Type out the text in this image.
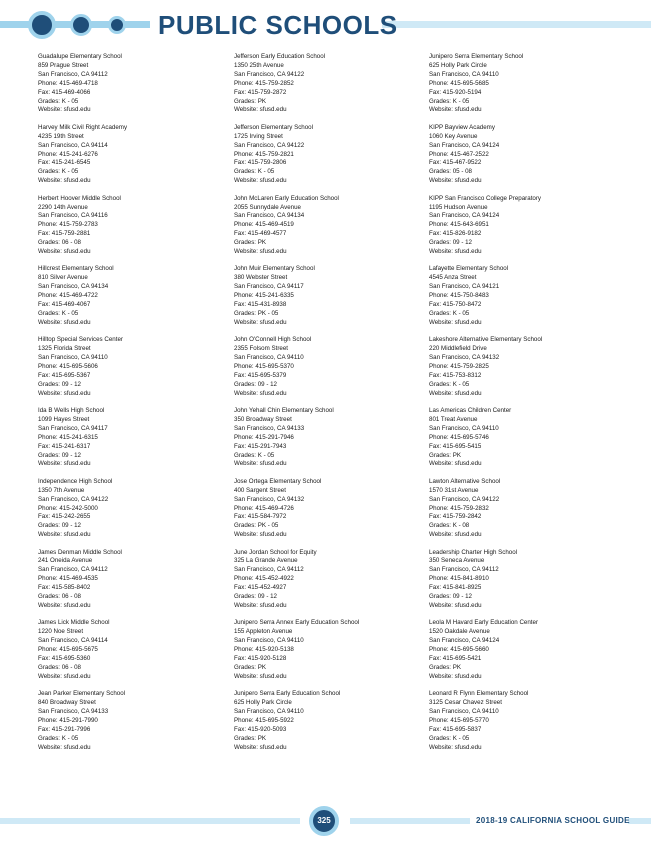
PUBLIC SCHOOLS
Guadalupe Elementary School
859 Prague Street
San Francisco, CA 94112
Phone: 415-469-4718
Fax: 415-469-4066
Grades: K - 05
Website: sfusd.edu
Harvey Milk Civil Right Academy
4235 19th Street
San Francisco, CA 94114
Phone: 415-241-6276
Fax: 415-241-6545
Grades: K - 05
Website: sfusd.edu
Herbert Hoover Middle School
2290 14th Avenue
San Francisco, CA 94116
Phone: 415-759-2783
Fax: 415-759-2881
Grades: 06 - 08
Website: sfusd.edu
Hillcrest Elementary School
810 Silver Avenue
San Francisco, CA 94134
Phone: 415-469-4722
Fax: 415-469-4067
Grades: K - 05
Website: sfusd.edu
Hilltop Special Services Center
1325 Florida Street
San Francisco, CA 94110
Phone: 415-695-5606
Fax: 415-695-5367
Grades: 09 - 12
Website: sfusd.edu
Ida B Wells High School
1099 Hayes Street
San Francisco, CA 94117
Phone: 415-241-6315
Fax: 415-241-6317
Grades: 09 - 12
Website: sfusd.edu
Independence High School
1350 7th Avenue
San Francisco, CA 94122
Phone: 415-242-5000
Fax: 415-242-2655
Grades: 09 - 12
Website: sfusd.edu
James Denman Middle School
241 Oneida Avenue
San Francisco, CA 94112
Phone: 415-469-4535
Fax: 415-585-8402
Grades: 06 - 08
Website: sfusd.edu
James Lick Middle School
1220 Noe Street
San Francisco, CA 94114
Phone: 415-695-5675
Fax: 415-695-5360
Grades: 06 - 08
Website: sfusd.edu
Jean Parker Elementary School
840 Broadway Street
San Francisco, CA 94133
Phone: 415-291-7990
Fax: 415-291-7996
Grades: K - 05
Website: sfusd.edu
Jefferson Early Education School
1350 25th Avenue
San Francisco, CA 94122
Phone: 415-759-2852
Fax: 415-759-2872
Grades: PK
Website: sfusd.edu
Jefferson Elementary School
1725 Irving Street
San Francisco, CA 94122
Phone: 415-759-2821
Fax: 415-759-2806
Grades: K - 05
Website: sfusd.edu
John McLaren Early Education School
2055 Sunnydale Avenue
San Francisco, CA 94134
Phone: 415-469-4519
Fax: 415-469-4577
Grades: PK
Website: sfusd.edu
John Muir Elementary School
380 Webster Street
San Francisco, CA 94117
Phone: 415-241-6335
Fax: 415-431-8938
Grades: PK - 05
Website: sfusd.edu
John O'Connell High School
2355 Folsom Street
San Francisco, CA 94110
Phone: 415-695-5370
Fax: 415-695-5379
Grades: 09 - 12
Website: sfusd.edu
John Yehall Chin Elementary School
350 Broadway Street
San Francisco, CA 94133
Phone: 415-291-7946
Fax: 415-291-7943
Grades: K - 05
Website: sfusd.edu
Jose Ortega Elementary School
400 Sargent Street
San Francisco, CA 94132
Phone: 415-469-4726
Fax: 415-584-7972
Grades: PK - 05
Website: sfusd.edu
June Jordan School for Equity
325 La Grande Avenue
San Francisco, CA 94112
Phone: 415-452-4922
Fax: 415-452-4927
Grades: 09 - 12
Website: sfusd.edu
Junipero Serra Annex Early Education School
155 Appleton Avenue
San Francisco, CA 94110
Phone: 415-920-5138
Fax: 415-920-5128
Grades: PK
Website: sfusd.edu
Junipero Serra Early Education School
625 Holly Park Circle
San Francisco, CA 94110
Phone: 415-695-5922
Fax: 415-920-5093
Grades: PK
Website: sfusd.edu
Junipero Serra Elementary School
625 Holly Park Circle
San Francisco, CA 94110
Phone: 415-695-5685
Fax: 415-920-5194
Grades: K - 05
Website: sfusd.edu
KIPP Bayview Academy
1060 Key Avenue
San Francisco, CA 94124
Phone: 415-467-2522
Fax: 415-467-9522
Grades: 05 - 08
Website: sfusd.edu
KIPP San Francisco College Preparatory
1195 Hudson Avenue
San Francisco, CA 94124
Phone: 415-643-6951
Fax: 415-826-9182
Grades: 09 - 12
Website: sfusd.edu
Lafayette Elementary School
4545 Anza Street
San Francisco, CA 94121
Phone: 415-750-8483
Fax: 415-750-8472
Grades: K - 05
Website: sfusd.edu
Lakeshore Alternative Elementary School
220 Middlefield Drive
San Francisco, CA 94132
Phone: 415-759-2825
Fax: 415-753-8312
Grades: K - 05
Website: sfusd.edu
Las Americas Children Center
801 Treat Avenue
San Francisco, CA 94110
Phone: 415-695-5746
Fax: 415-695-5415
Grades: PK
Website: sfusd.edu
Lawton Alternative School
1570 31st Avenue
San Francisco, CA 94122
Phone: 415-759-2832
Fax: 415-759-2842
Grades: K - 08
Website: sfusd.edu
Leadership Charter High School
350 Seneca Avenue
San Francisco, CA 94112
Phone: 415-841-8910
Fax: 415-841-8925
Grades: 09 - 12
Website: sfusd.edu
Leola M Havard Early Education Center
1520 Oakdale Avenue
San Francisco, CA 94124
Phone: 415-695-5660
Fax: 415-695-5421
Grades: PK
Website: sfusd.edu
Leonard R Flynn Elementary School
3125 Cesar Chavez Street
San Francisco, CA 94110
Phone: 415-695-5770
Fax: 415-695-5837
Grades: K - 05
Website: sfusd.edu
325	2018-19 CALIFORNIA SCHOOL GUIDE
